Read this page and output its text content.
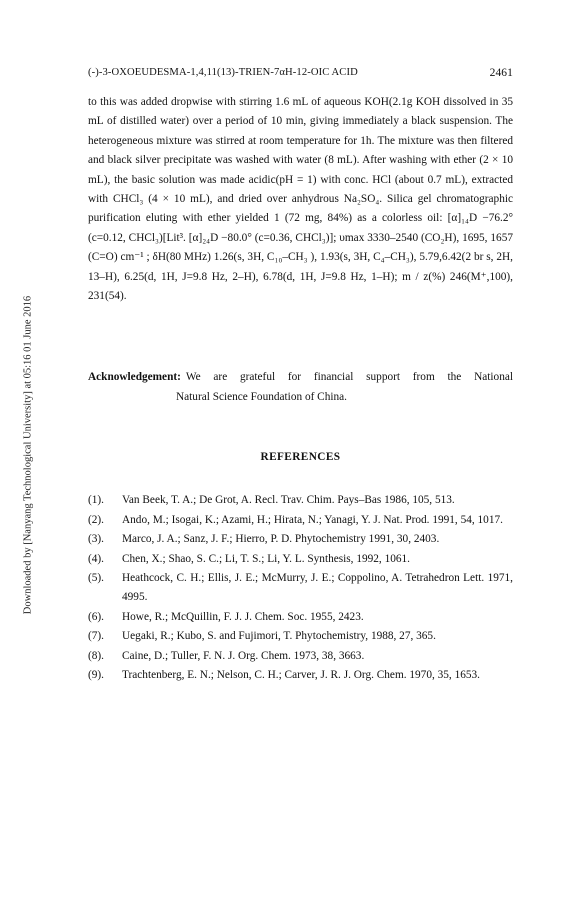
Downloaded by [Nanyang Technological University] at 05:16 01 June 2016
(-)-3-OXOEUDESMA-1,4,11(13)-TRIEN-7αH-12-OIC ACID	2461

to this was added dropwise with stirring 1.6 mL of aqueous KOH(2.1g KOH dissolved in 35 mL of distilled water) over a period of 10 min, giving immediately a black suspension. The heterogeneous mixture was stirred at room temperature for 1h. The mixture was then filtered and black silver precipitate was washed with water (8 mL). After washing with ether (2 × 10 mL), the basic solution was made acidic(pH = 1) with conc. HCl (about 0.7 mL), extracted with CHCl₃ (4 × 10 mL), and dried over anhydrous Na₂SO₄. Silica gel chromatographic purification eluting with ether yielded 1 (72 mg, 84%) as a colorless oil: [α]₁₄D −76.2° (c=0.12, CHCl₃)[Lit³. [α]₂₄D −80.0° (c=0.36, CHCl₃)]; υmax 3330–2540 (CO₂H), 1695, 1657 (C=O) cm⁻¹ ; δH(80 MHz) 1.26(s, 3H, C₁₀–CH₃ ), 1.93(s, 3H, C₄–CH₃), 5.79,6.42(2 br s, 2H, 13–H), 6.25(d, 1H, J=9.8 Hz, 2–H), 6.78(d, 1H, J=9.8 Hz, 1–H); m / z(%) 246(M⁺,100), 231(54).

Acknowledgement: We are grateful for financial support from the National
Natural Science Foundation of China.
REFERENCES
(1).	Van Beek, T. A.; De Grot, A. Recl. Trav. Chim. Pays–Bas 1986, 105, 513.
(2).	Ando, M.; Isogai, K.; Azami, H.; Hirata, N.; Yanagi, Y. J. Nat. Prod. 1991, 54, 1017.
(3).	Marco, J. A.; Sanz, J. F.; Hierro, P. D. Phytochemistry 1991, 30, 2403.
(4).	Chen, X.; Shao, S. C.; Li, T. S.; Li, Y. L. Synthesis, 1992, 1061.
(5).	Heathcock, C. H.; Ellis, J. E.; McMurry, J. E.; Coppolino, A. Tetrahedron Lett. 1971, 4995.
(6).	Howe, R.; McQuillin, F. J. J. Chem. Soc. 1955, 2423.
(7).	Uegaki, R.; Kubo, S. and Fujimori, T. Phytochemistry, 1988, 27, 365.
(8).	Caine, D.; Tuller, F. N. J. Org. Chem. 1973, 38, 3663.
(9).	Trachtenberg, E. N.; Nelson, C. H.; Carver, J. R. J. Org. Chem. 1970, 35, 1653.
